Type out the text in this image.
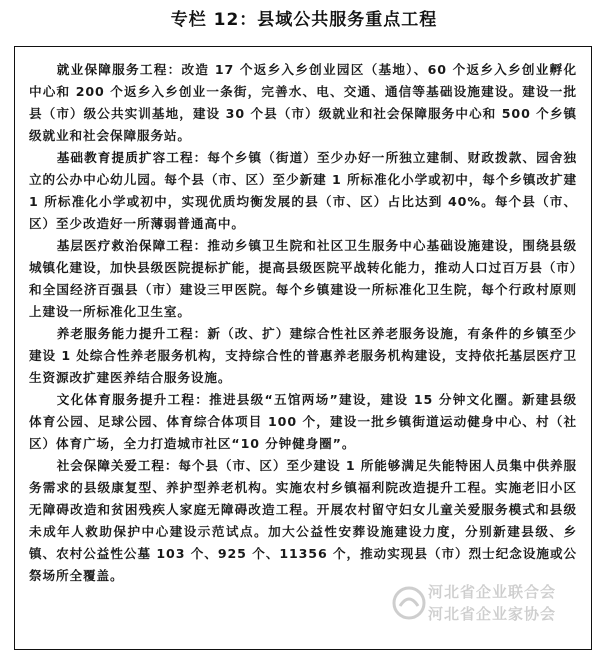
专栏 12：县域公共服务重点工程

就业保障服务工程：改造 17 个返乡入乡创业园区（基地）、60 个返乡入乡创业孵化中心和 200 个返乡入乡创业一条街，完善水、电、交通、通信等基础设施建设。建设一批县（市）级公共实训基地，建设 30 个县（市）级就业和社会保障服务中心和 500 个乡镇级就业和社会保障服务站。

基础教育提质扩容工程：每个乡镇（街道）至少办好一所独立建制、财政拨款、园舍独立的公办中心幼儿园。每个县（市、区）至少新建 1 所标准化小学或初中，每个乡镇改扩建 1 所标准化小学或初中，实现优质均衡发展的县（市、区）占比达到 40%。每个县（市、区）至少改造好一所薄弱普通高中。

基层医疗救治保障工程：推动乡镇卫生院和社区卫生服务中心基础设施建设，围绕县级城镇化建设，加快县级医院提标扩能，提高县级医院平战转化能力，推动人口过百万县（市）和全国经济百强县（市）建设三甲医院。每个乡镇建设一所标准化卫生院，每个行政村原则上建设一所标准化卫生室。

养老服务能力提升工程：新（改、扩）建综合性社区养老服务设施，有条件的乡镇至少建设 1 处综合性养老服务机构，支持综合性的普惠养老服务机构建设，支持依托基层医疗卫生资源改扩建医养结合服务设施。

文化体育服务提升工程：推进县级“五馆两场”建设，建设 15 分钟文化圈。新建县级体育公园、足球公园、体育综合体项目 100 个，建设一批乡镇街道运动健身中心、村（社区）体育广场，全力打造城市社区“10 分钟健身圈”。

社会保障关爱工程：每个县（市、区）至少建设 1 所能够满足失能特困人员集中供养服务需求的县级康复型、养护型养老机构。实施农村乡镇福利院改造提升工程。实施老旧小区无障碍改造和贫困残疾人家庭无障碍改造工程。开展农村留守妇女儿童关爱服务模式和县级未成年人救助保护中心建设示范试点。加大公益性安葬设施建设力度，分别新建县级、乡镇、农村公益性公墓 103 个、925 个、11356 个，推动实现县（市）烈士纪念设施或公祭场所全覆盖。

河北省企业联合会
河北省企业家协会
